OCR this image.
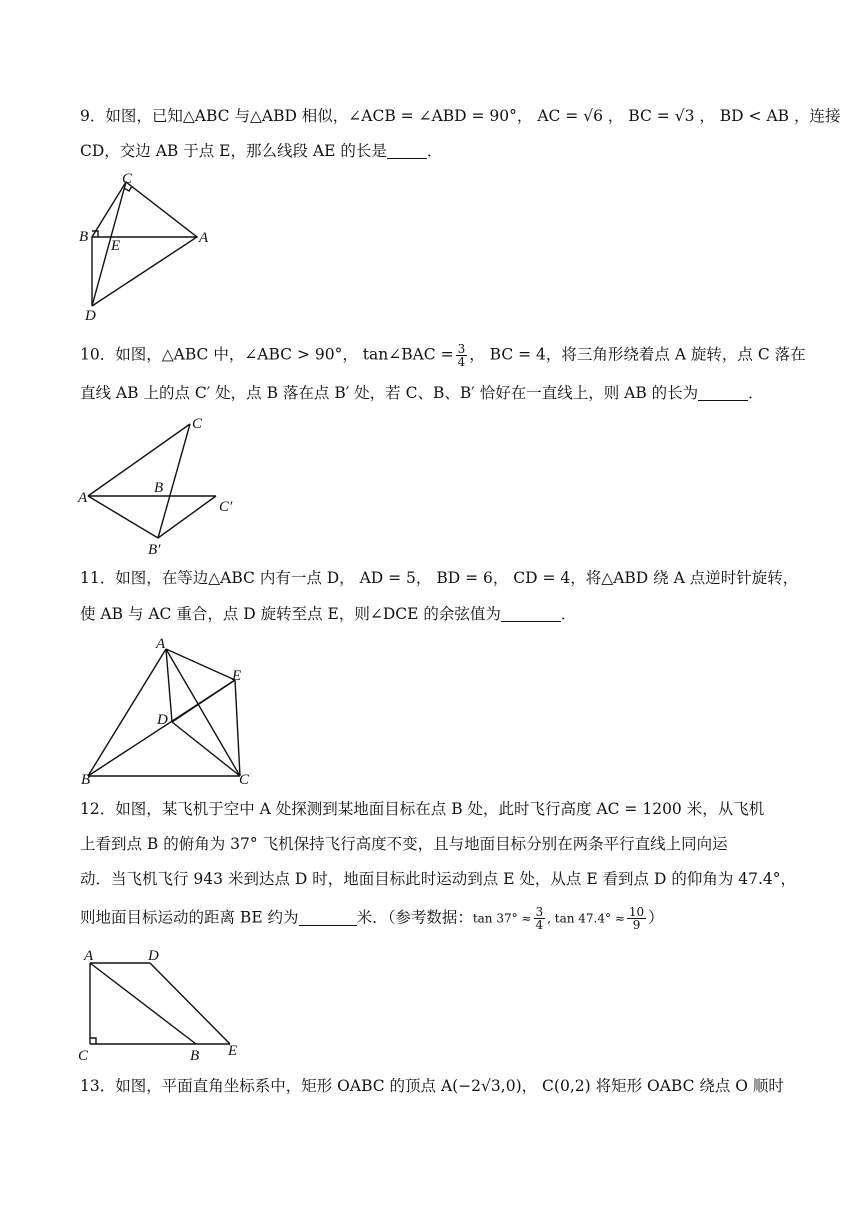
9．如图，已知△ABC 与△ABD 相似，∠ACB = ∠ABD = 90°， AC = √6 ， BC = √3 ， BD < AB ，连接
CD，交边 AB 于点 E，那么线段 AE 的长是	．
C
B
E	A
D
10．如图，△ABC 中，∠ABC > 90°， tan∠BAC = $\frac{3}{4}$ ， BC = 4，将三角形绕着点 A 旋转，点 C 落在
直线 AB 上的点 C′ 处，点 B 落在点 B′ 处，若 C、B、B′ 恰好在一直线上，则 AB 的长为	．
C
A
B
C′
B′
11．如图，在等边△ABC 内有一点 D， AD = 5， BD = 6， CD = 4，将△ABD 绕 A 点逆时针旋转，
使 AB 与 AC 重合，点 D 旋转至点 E，则∠DCE 的余弦值为	．
A
E
D
B	C
12．如图，某飞机于空中 A 处探测到某地面目标在点 B 处，此时飞行高度 AC = 1200 米，从飞机
上看到点 B 的俯角为 37° 飞机保持飞行高度不变，且与地面目标分别在两条平行直线上同向运
动．当飞机飞行 943 米到达点 D 时，地面目标此时运动到点 E 处，从点 E 看到点 D 的仰角为 47.4°，
则地面目标运动的距离 BE 约为	米．（参考数据：$\tan 37^\circ \approx \frac{3}{4}$ , $\tan 47.4^\circ \approx \frac{10}{9}$ ）
A	D
C	B E
13．如图，平面直角坐标系中，矩形 OABC 的顶点 A(−2√3,0)， C(0,2) 将矩形 OABC 绕点 O 顺时
